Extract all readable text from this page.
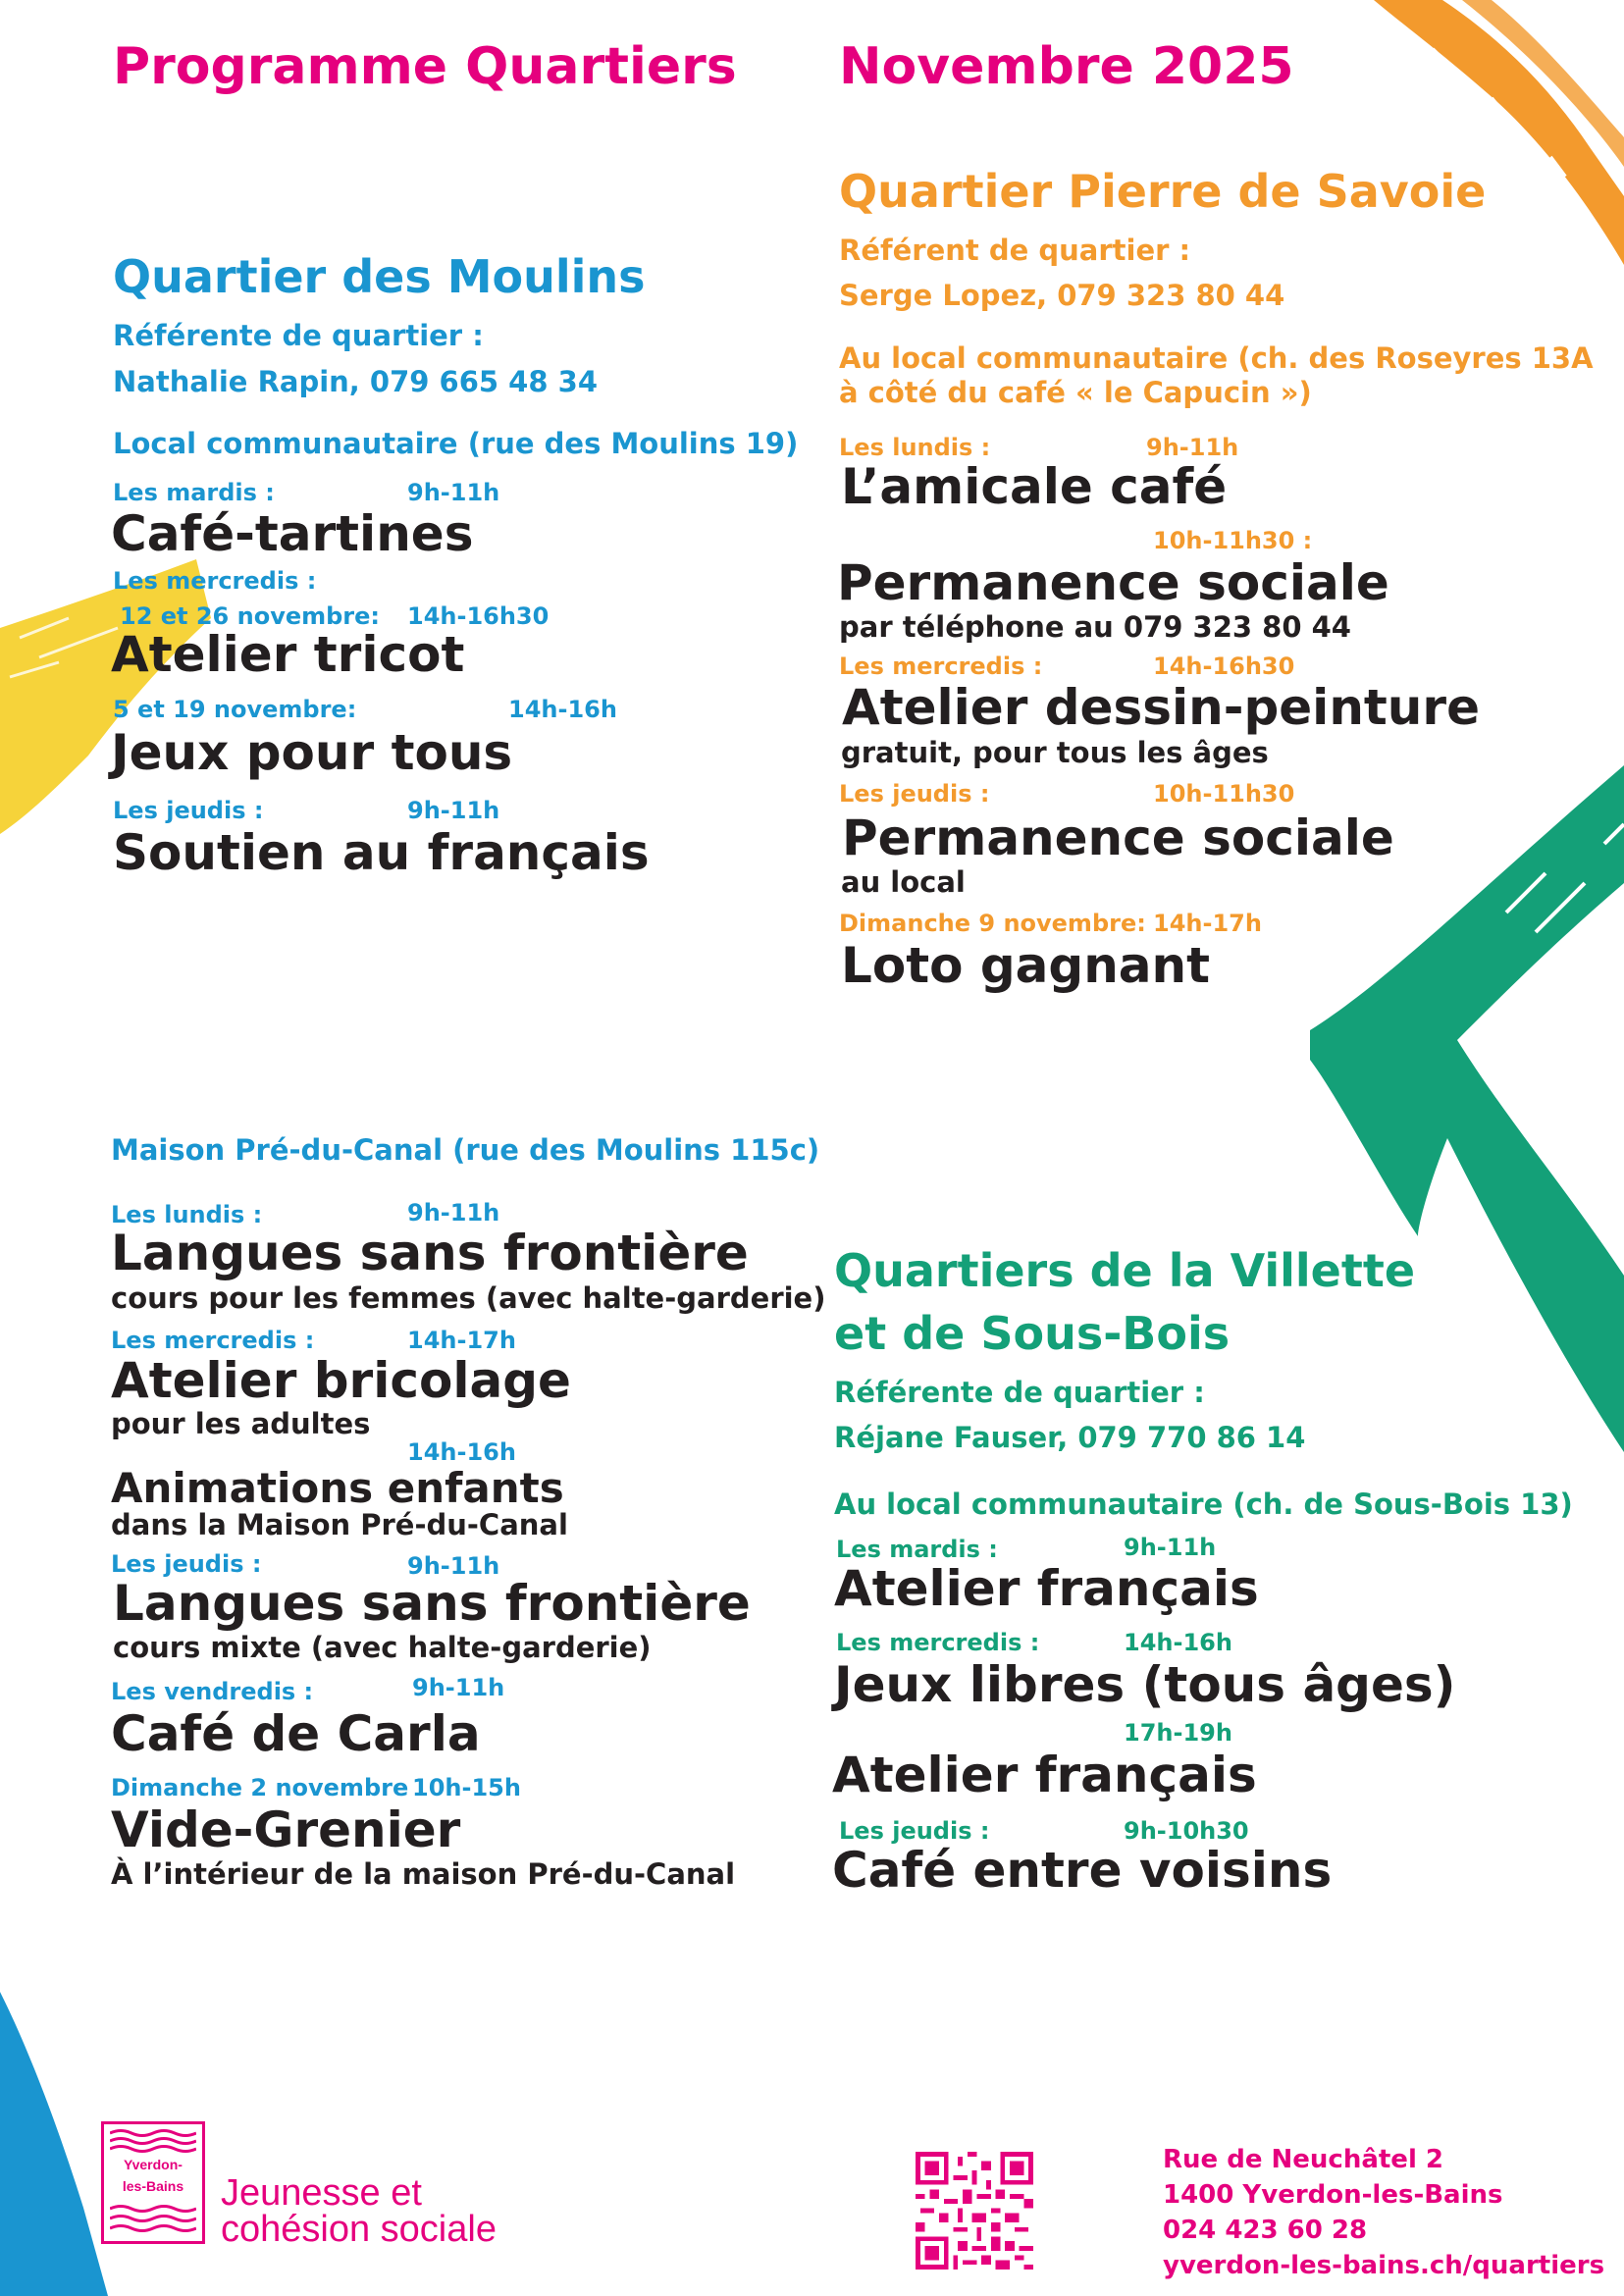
Programme Quartiers Novembre 2025
Quartier des Moulins
Référente de quartier :
Nathalie Rapin, 079 665 48 34
Local communautaire (rue des Moulins 19)
Les mardis :	9h-11h
Café-tartines
Les mercredis :
12 et 26 novembre: 14h-16h30
Atelier tricot
5 et 19 novembre:	14h-16h
Jeux pour tous
Les jeudis :	9h-11h
Soutien au français
Quartier Pierre de Savoie
Référent de quartier :
Serge Lopez, 079 323 80 44
Au local communautaire (ch. des Roseyres 13A
à côté du café « le Capucin »)
Les lundis :	9h-11h
L’amicale café
10h-11h30 :
Permanence sociale
par téléphone au 079 323 80 44
Les mercredis :	14h-16h30
Atelier dessin-peinture
gratuit, pour tous les âges
Les jeudis :	10h-11h30
Permanence sociale
au local
Dimanche 9 novembre: 14h-17h
Loto gagnant
Maison Pré-du-Canal (rue des Moulins 115c)
Les lundis :	9h-11h
Langues sans frontière
cours pour les femmes (avec halte-garderie)
Les mercredis :	14h-17h
Atelier bricolage
pour les adultes
14h-16h
Animations enfants
dans la Maison Pré-du-Canal
Les jeudis :	9h-11h
Langues sans frontière
cours mixte (avec halte-garderie)
Les vendredis :	9h-11h
Café de Carla
Dimanche 2 novembre 10h-15h
Vide-Grenier
À l’intérieur de la maison Pré-du-Canal
Quartiers de la Villette
et de Sous-Bois
Référente de quartier :
Réjane Fauser, 079 770 86 14
Au local communautaire (ch. de Sous-Bois 13)
Les mardis :	9h-11h
Atelier français
Les mercredis :	14h-16h
Jeux libres (tous âges)
17h-19h
Atelier français
Les jeudis :	9h-10h30
Café entre voisins
Yverdon-
les-Bains Jeunesse et
cohésion sociale
Rue de Neuchâtel 2
1400 Yverdon-les-Bains
024 423 60 28
yverdon-les-bains.ch/quartiers
